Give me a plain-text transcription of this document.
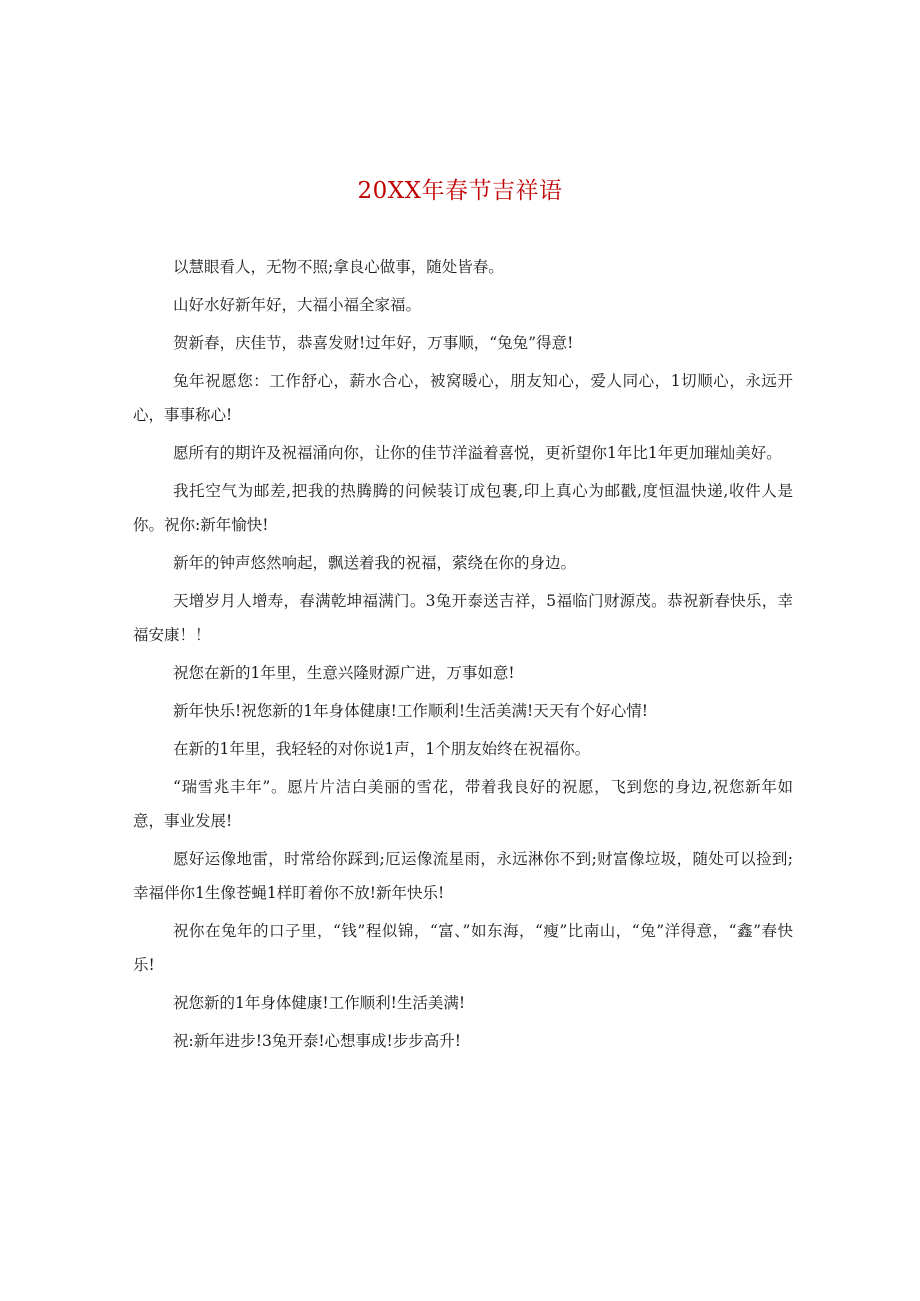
20XX年春节吉祥语

以慧眼看人，无物不照;拿良心做事，随处皆春。

山好水好新年好，大福小福全家福。

贺新春，庆佳节，恭喜发财!过年好，万事顺，“兔兔”得意!

兔年祝愿您：工作舒心，薪水合心，被窝暖心，朋友知心，爱人同心，1切顺心，永远开心，事事称心!

愿所有的期许及祝福涌向你，让你的佳节洋溢着喜悦，更祈望你1年比1年更加璀灿美好。

我托空气为邮差,把我的热腾腾的问候装订成包裹,印上真心为邮戳,度恒温快递,收件人是你。祝你:新年愉快!

新年的钟声悠然响起，飘送着我的祝福，萦绕在你的身边。

天增岁月人增寿，春满乾坤福满门。3兔开泰送吉祥，5福临门财源茂。恭祝新春快乐，幸福安康！！

祝您在新的1年里，生意兴隆财源广进，万事如意!

新年快乐!祝您新的1年身体健康!工作顺利!生活美满!天天有个好心情!

在新的1年里，我轻轻的对你说1声，1个朋友始终在祝福你。

“瑞雪兆丰年”。愿片片洁白美丽的雪花，带着我良好的祝愿，飞到您的身边,祝您新年如意，事业发展!

愿好运像地雷，时常给你踩到;厄运像流星雨，永远淋你不到;财富像垃圾，随处可以捡到;幸福伴你1生像苍蝇1样盯着你不放!新年快乐!

祝你在兔年的口子里，“钱”程似锦，“富、”如东海，“瘦”比南山，“兔”洋得意，“鑫”春快乐!

祝您新的1年身体健康!工作顺利!生活美满!

祝:新年进步!3兔开泰!心想事成!步步高升!
